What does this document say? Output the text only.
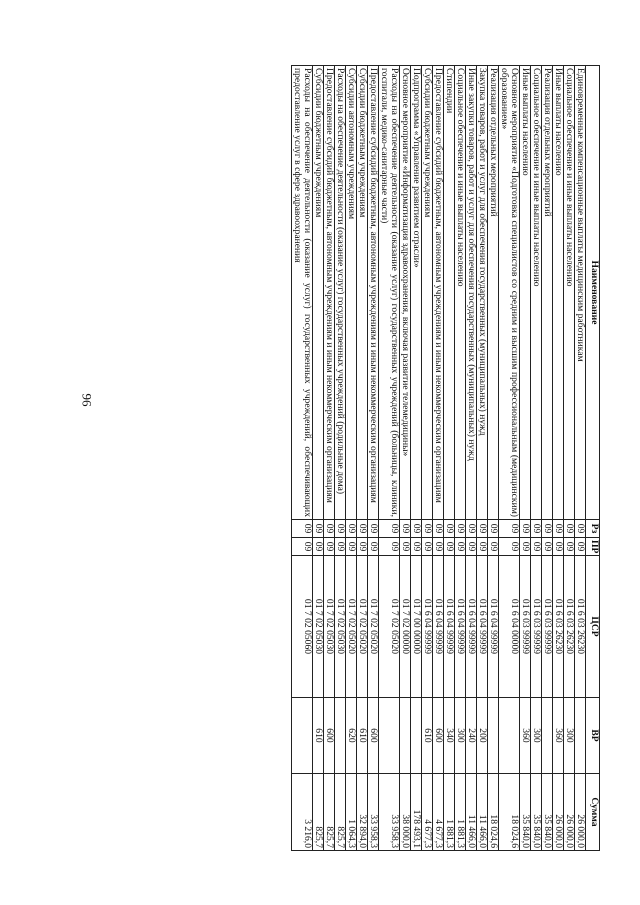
96
Наименование	Рз	ПР	ЦСР	ВР	Сумма
Единовременные компенсационные выплаты медицинским работникам	09	09	01 6 03 26230		26 000,0
Социальное обеспечение и иные выплаты населению	09	09	01 6 03 26230	300	26 000,0
Иные выплаты населению	09	09	01 6 03 26230	360	26 000,0
Реализация отдельных мероприятий	09	09	01 6 03 99999		35 840,0
Социальное обеспечение и иные выплаты населению	09	09	01 6 03 99999	300	35 840,0
Иные выплаты населению	09	09	01 6 03 99999	360	35 840,0
Основное мероприятие «Подготовка специалистов со средним и высшим профессиональным (медицинским) образованием»	09	09	01 6 04 00000		18 024,6
Реализация отдельных мероприятий	09	09	01 6 04 99999		18 024,6
Закупка товаров, работ и услуг для обеспечения государственных (муниципальных) нужд	09	09	01 6 04 99999	200	11 466,0
Иные закупки товаров, работ и услуг для обеспечения государственных (муниципальных) нужд	09	09	01 6 04 99999	240	11 466,0
Социальное обеспечение и иные выплаты населению	09	09	01 6 04 99999	300	1 881,3
Стипендии	09	09	01 6 04 99999	340	1 881,3
Предоставление субсидий бюджетным, автономным учреждениям и иным некоммерческим организациям	09	09	01 6 04 99999	600	4 677,3
Субсидии бюджетным учреждениям	09	09	01 6 04 99999	610	4 677,3
Подпрограмма «Управление развитием отрасли»	09	09	01 7 00 00000		178 493,1
Основное мероприятие «Информатизация здравоохранения, включая развитие телемедицины»	09	09	01 7 02 00000		38 000,0
Расходы на обеспечение деятельности (оказание услуг) государственных учреждений (больницы, клиники, госпитали, медико-санитарные части)	09	09	01 7 02 05020		33 958,3
Предоставление субсидий бюджетным, автономным учреждениям и иным некоммерческим организациям	09	09	01 7 02 05020	600	33 958,3
Субсидии бюджетным учреждениям	09	09	01 7 02 05020	610	32 894,0
Субсидии автономным учреждениям	09	09	01 7 02 05020	620	1 064,3
Расходы на обеспечение деятельности (оказание услуг) государственных учреждений (родильные дома)	09	09	01 7 02 05030		825,7
Предоставление субсидий бюджетным, автономным учреждениям и иным некоммерческим организациям	09	09	01 7 02 05030	600	825,7
Субсидии бюджетным учреждениям	09	09	01 7 02 05030	610	825,7
Расходы на обеспечение деятельности (оказание услуг) государственных учреждений, обеспечивающих предоставление услуг в сфере здравоохранения	09	09	01 7 02 05060		3 216,0
